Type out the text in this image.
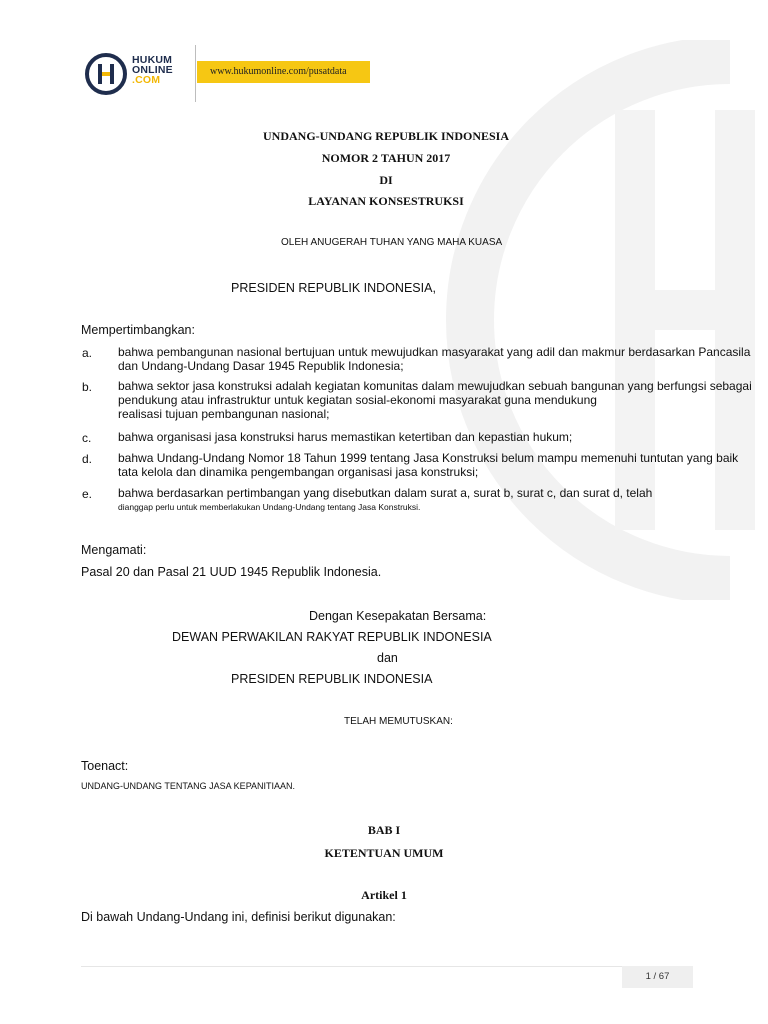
HUKUM
ONLINE
.COM
www.hukumonline.com/pusatdata
UNDANG-UNDANG REPUBLIK INDONESIA
NOMOR 2 TAHUN 2017
DI
LAYANAN KONSESTRUKSI
OLEH ANUGERAH TUHAN YANG MAHA KUASA
PRESIDEN REPUBLIK INDONESIA,
Mempertimbangkan:
a. bahwa pembangunan nasional bertujuan untuk mewujudkan masyarakat yang adil dan makmur berdasarkan Pancasila
dan Undang-Undang Dasar 1945 Republik Indonesia;
b. bahwa sektor jasa konstruksi adalah kegiatan komunitas dalam mewujudkan sebuah bangunan yang berfungsi sebagai
pendukung atau infrastruktur untuk kegiatan sosial-ekonomi masyarakat guna mendukung
realisasi tujuan pembangunan nasional;
c. bahwa organisasi jasa konstruksi harus memastikan ketertiban dan kepastian hukum;
d. bahwa Undang-Undang Nomor 18 Tahun 1999 tentang Jasa Konstruksi belum mampu memenuhi tuntutan yang baik
tata kelola dan dinamika pengembangan organisasi jasa konstruksi;
e. bahwa berdasarkan pertimbangan yang disebutkan dalam surat a, surat b, surat c, dan surat d, telah
dianggap perlu untuk memberlakukan Undang-Undang tentang Jasa Konstruksi.
Mengamati:
Pasal 20 dan Pasal 21 UUD 1945 Republik Indonesia.
Dengan Kesepakatan Bersama:
DEWAN PERWAKILAN RAKYAT REPUBLIK INDONESIA
dan
PRESIDEN REPUBLIK INDONESIA
TELAH MEMUTUSKAN:
Toenact:
UNDANG-UNDANG TENTANG JASA KEPANITIAAN.
BAB I
KETENTUAN UMUM
Artikel 1
Di bawah Undang-Undang ini, definisi berikut digunakan:
1 / 67
